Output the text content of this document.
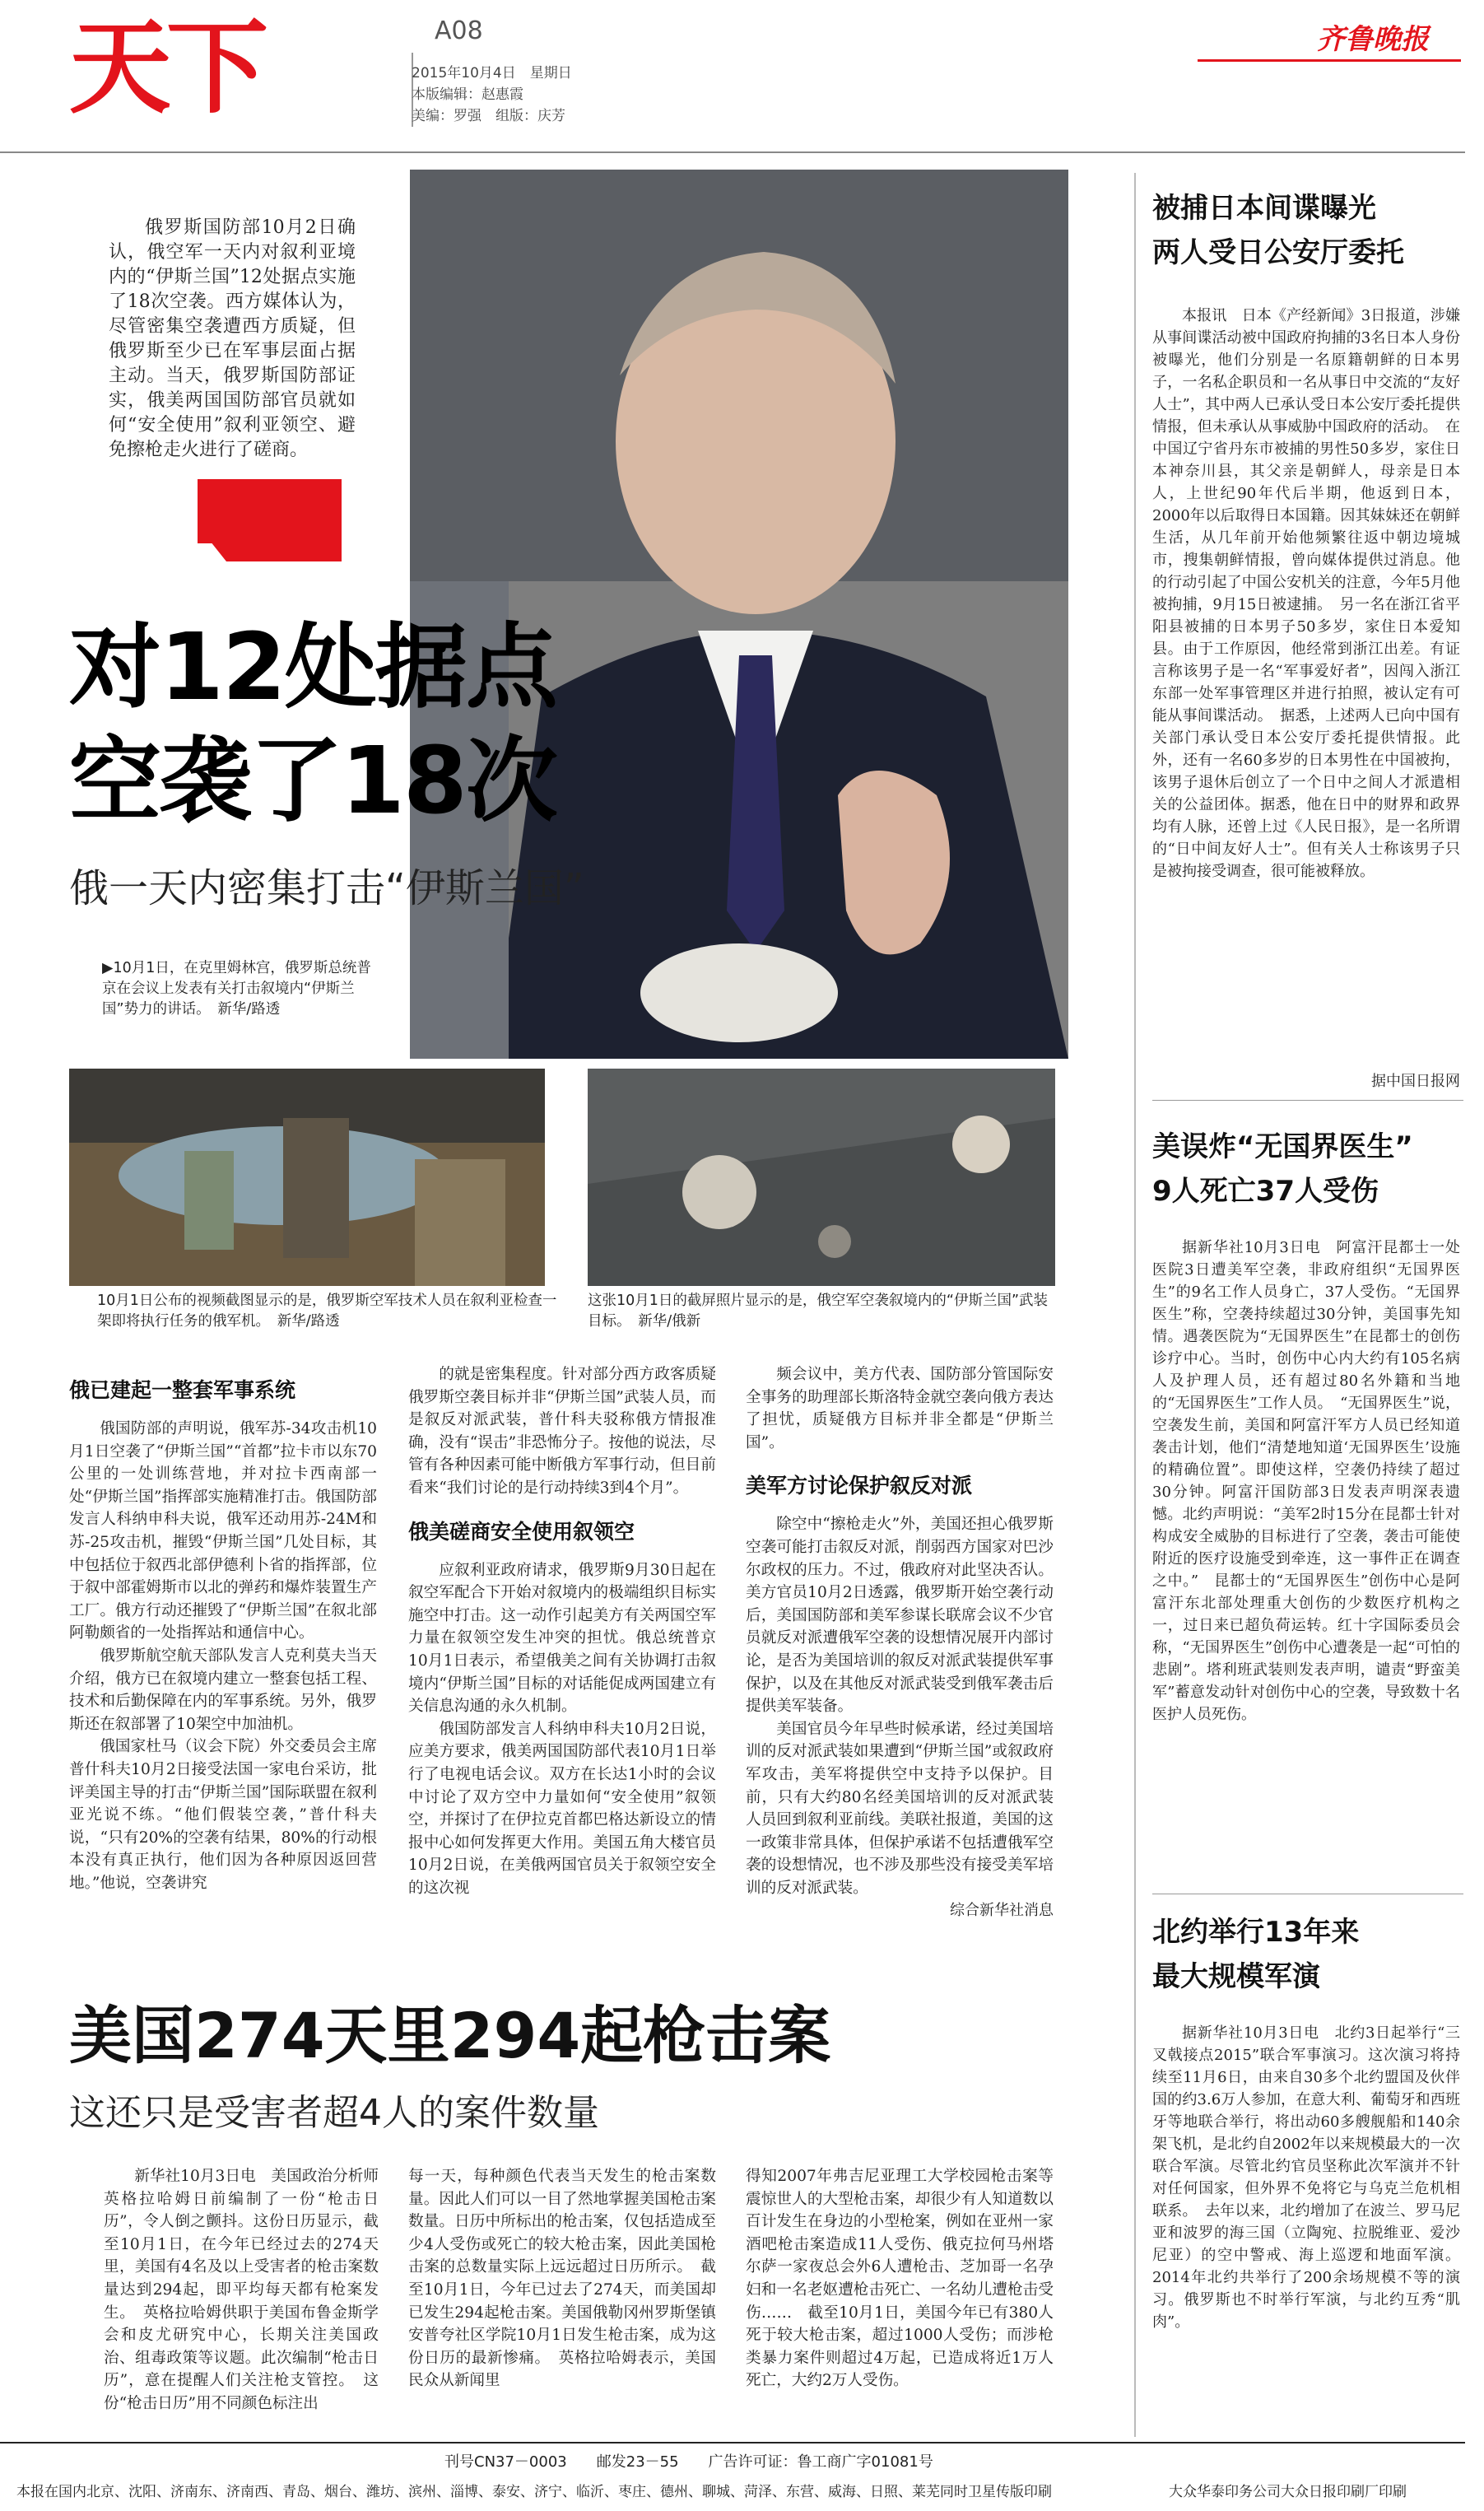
天下	A08
2015年10月4日　星期日
本版编辑：赵惠霞
美编：罗强　组版：庆芳
齐鲁晚报
俄罗斯国防部10月2日确认，俄空军一天内对叙利亚境内的“伊斯兰国”12处据点实施了18次空袭。西方媒体认为，尽管密集空袭遭西方质疑，但俄罗斯至少已在军事层面占据主动。当天，俄罗斯国防部证实，俄美两国国防部官员就如何“安全使用”叙利亚领空、避免擦枪走火进行了磋商。
对12处据点
空袭了18次
俄一天内密集打击“伊斯兰国”
▶10月1日，在克里姆林宫，俄罗斯总统普京在会议上发表有关打击叙境内“伊斯兰国”势力的讲话。　新华/路透
10月1日公布的视频截图显示的是，俄罗斯空军技术人员在叙利亚检查一架即将执行任务的俄军机。　新华/路透
这张10月1日的截屏照片显示的是，俄空军空袭叙境内的“伊斯兰国”武装目标。　新华/俄新
俄已建起一整套军事系统

俄国防部的声明说，俄军苏-34攻击机10月1日空袭了“伊斯兰国”“首都”拉卡市以东70公里的一处训练营地，并对拉卡西南部一处“伊斯兰国”指挥部实施精准打击。俄国防部发言人科纳申科夫说，俄军还动用苏-24M和苏-25攻击机，摧毁“伊斯兰国”几处目标，其中包括位于叙西北部伊德利卜省的指挥部，位于叙中部霍姆斯市以北的弹药和爆炸装置生产工厂。俄方行动还摧毁了“伊斯兰国”在叙北部阿勒颇省的一处指挥站和通信中心。

俄罗斯航空航天部队发言人克利莫夫当天介绍，俄方已在叙境内建立一整套包括工程、技术和后勤保障在内的军事系统。另外，俄罗斯还在叙部署了10架空中加油机。

俄国家杜马（议会下院）外交委员会主席普什科夫10月2日接受法国一家电台采访，批评美国主导的打击“伊斯兰国”国际联盟在叙利亚光说不练。“他们假装空袭，”普什科夫说，“只有20%的空袭有结果，80%的行动根本没有真正执行，他们因为各种原因返回营地。”他说，空袭讲究

的就是密集程度。针对部分西方政客质疑俄罗斯空袭目标并非“伊斯兰国”武装人员，而是叙反对派武装，普什科夫驳称俄方情报准确，没有“误击”非恐怖分子。按他的说法，尽管有各种因素可能中断俄方军事行动，但目前看来“我们讨论的是行动持续3到4个月”。

俄美磋商安全使用叙领空

应叙利亚政府请求，俄罗斯9月30日起在叙空军配合下开始对叙境内的极端组织目标实施空中打击。这一动作引起美方有关两国空军力量在叙领空发生冲突的担忧。俄总统普京10月1日表示，希望俄美之间有关协调打击叙境内“伊斯兰国”目标的对话能促成两国建立有关信息沟通的永久机制。

俄国防部发言人科纳申科夫10月2日说，应美方要求，俄美两国国防部代表10月1日举行了电视电话会议。双方在长达1小时的会议中讨论了双方空中力量如何“安全使用”叙领空，并探讨了在伊拉克首都巴格达新设立的情报中心如何发挥更大作用。美国五角大楼官员10月2日说，在美俄两国官员关于叙领空安全的这次视

频会议中，美方代表、国防部分管国际安全事务的助理部长斯洛特金就空袭向俄方表达了担忧，质疑俄方目标并非全都是“伊斯兰国”。

美军方讨论保护叙反对派

除空中“擦枪走火”外，美国还担心俄罗斯空袭可能打击叙反对派，削弱西方国家对巴沙尔政权的压力。不过，俄政府对此坚决否认。美方官员10月2日透露，俄罗斯开始空袭行动后，美国国防部和美军参谋长联席会议不少官员就反对派遭俄军空袭的设想情况展开内部讨论，是否为美国培训的叙反对派武装提供军事保护，以及在其他反对派武装受到俄军袭击后提供美军装备。

美国官员今年早些时候承诺，经过美国培训的反对派武装如果遭到“伊斯兰国”或叙政府军攻击，美军将提供空中支持予以保护。目前，只有大约80名经美国培训的反对派武装人员回到叙利亚前线。美联社报道，美国的这一政策非常具体，但保护承诺不包括遭俄军空袭的设想情况，也不涉及那些没有接受美军培训的反对派武装。

综合新华社消息
美国274天里294起枪击案
这还只是受害者超4人的案件数量
新华社10月3日电　美国政治分析师英格拉哈姆日前编制了一份“枪击日历”，令人倒之颤抖。这份日历显示，截至10月1日，在今年已经过去的274天里，美国有4名及以上受害者的枪击案数量达到294起，即平均每天都有枪案发生。　英格拉哈姆供职于美国布鲁金斯学会和皮尤研究中心，长期关注美国政治、组毒政策等议题。此次编制“枪击日历”，意在提醒人们关注枪支管控。　这份“枪击日历”用不同颜色标注出
每一天，每种颜色代表当天发生的枪击案数量。因此人们可以一目了然地掌握美国枪击案数量。日历中所标出的枪击案，仅包括造成至少4人受伤或死亡的较大枪击案，因此美国枪击案的总数量实际上远远超过日历所示。　截至10月1日，今年已过去了274天，而美国却已发生294起枪击案。美国俄勒冈州罗斯堡镇安普夸社区学院10月1日发生枪击案，成为这份日历的最新惨痛。　英格拉哈姆表示，美国民众从新闻里
得知2007年弗吉尼亚理工大学校园枪击案等震惊世人的大型枪击案，却很少有人知道数以百计发生在身边的小型枪案，例如在亚州一家酒吧枪击案造成11人受伤、俄克拉何马州塔尔萨一家夜总会外6人遭枪击、芝加哥一名孕妇和一名老妪遭枪击死亡、一名幼儿遭枪击受伤……　截至10月1日，美国今年已有380人死于较大枪击案，超过1000人受伤；而涉枪类暴力案件则超过4万起，已造成将近1万人死亡，大约2万人受伤。
被捕日本间谍曝光
两人受日公安厅委托

本报讯　日本《产经新闻》3日报道，涉嫌从事间谍活动被中国政府拘捕的3名日本人身份被曝光，他们分别是一名原籍朝鲜的日本男子，一名私企职员和一名从事日中交流的“友好人士”，其中两人已承认受日本公安厅委托提供情报，但未承认从事威胁中国政府的活动。　在中国辽宁省丹东市被捕的男性50多岁，家住日本神奈川县，其父亲是朝鲜人，母亲是日本人，上世纪90年代后半期，他返到日本，2000年以后取得日本国籍。因其妹妹还在朝鲜生活，从几年前开始他频繁往返中朝边境城市，搜集朝鲜情报，曾向媒体提供过消息。他的行动引起了中国公安机关的注意，今年5月他被拘捕，9月15日被逮捕。　另一名在浙江省平阳县被捕的日本男子50多岁，家住日本爱知县。由于工作原因，他经常到浙江出差。有证言称该男子是一名“军事爱好者”，因闯入浙江东部一处军事管理区并进行拍照，被认定有可能从事间谍活动。　据悉，上述两人已向中国有关部门承认受日本公安厅委托提供情报。此外，还有一名60多岁的日本男性在中国被拘，该男子退休后创立了一个日中之间人才派遣相关的公益团体。据悉，他在日中的财界和政界均有人脉，还曾上过《人民日报》，是一名所谓的“日中间友好人士”。但有关人士称该男子只是被拘接受调查，很可能被释放。

据中国日报网
美误炸“无国界医生”
9人死亡37人受伤

据新华社10月3日电　阿富汗昆都士一处医院3日遭美军空袭，非政府组织“无国界医生”的9名工作人员身亡，37人受伤。“无国界医生”称，空袭持续超过30分钟，美国事先知情。遇袭医院为“无国界医生”在昆都士的创伤诊疗中心。当时，创伤中心内大约有105名病人及护理人员，还有超过80名外籍和当地的“无国界医生”工作人员。　“无国界医生”说，空袭发生前，美国和阿富汗军方人员已经知道袭击计划，他们“清楚地知道‘无国界医生’设施的精确位置”。即使这样，空袭仍持续了超过30分钟。阿富汗国防部3日发表声明深表遗憾。北约声明说：“美军2时15分在昆都士针对构成安全威胁的目标进行了空袭，袭击可能使附近的医疗设施受到牵连，这一事件正在调查之中。”　昆都士的“无国界医生”创伤中心是阿富汗东北部处理重大创伤的少数医疗机构之一，过日来已超负荷运转。红十字国际委员会称，“无国界医生”创伤中心遭袭是一起“可怕的悲剧”。塔利班武装则发表声明，谴责“野蛮美军”蓄意发动针对创伤中心的空袭，导致数十名医护人员死伤。

北约举行13年来
最大规模军演

据新华社10月3日电　北约3日起举行“三叉戟接点2015”联合军事演习。这次演习将持续至11月6日，由来自30多个北约盟国及伙伴国的约3.6万人参加，在意大利、葡萄牙和西班牙等地联合举行，将出动60多艘舰船和140余架飞机，是北约自2002年以来规模最大的一次联合军演。尽管北约官员坚称此次军演并不针对任何国家，但外界不免将它与乌克兰危机相联系。　去年以来，北约增加了在波兰、罗马尼亚和波罗的海三国（立陶宛、拉脱维亚、爱沙尼亚）的空中警戒、海上巡逻和地面军演。2014年北约共举行了200余场规模不等的演习。俄罗斯也不时举行军演，与北约互秀“肌肉”。

刊号CN37－0003　　邮发23－55　　广告许可证：鲁工商广字01081号
本报在国内北京、沈阳、济南东、济南西、青岛、烟台、潍坊、滨州、淄博、泰安、济宁、临沂、枣庄、德州、聊城、菏泽、东营、威海、日照、莱芜同时卫星传版印刷	大众华泰印务公司大众日报印刷厂印刷
